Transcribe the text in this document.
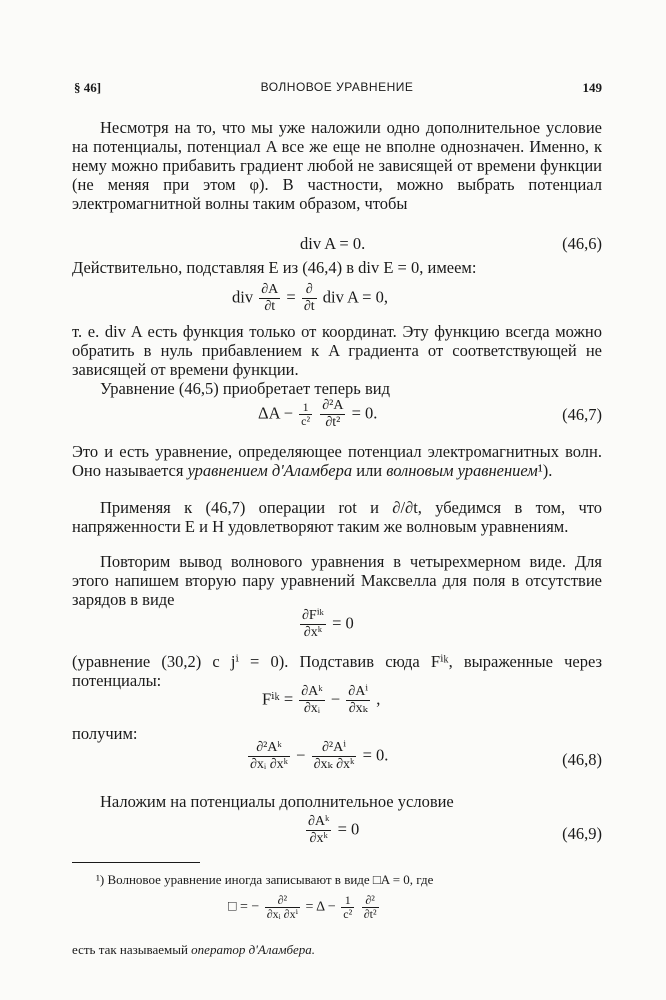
§ 46]	ВОЛНОВОЕ УРАВНЕНИЕ	149

Несмотря на то, что мы уже наложили одно дополнительное условие на потенциалы, потенциал A все же еще не вполне однозначен. Именно, к нему можно прибавить градиент любой не зависящей от времени функции (не меняя при этом φ). В частности, можно выбрать потенциал электромагнитной волны таким образом, чтобы

div A = 0.	(46,6)

Действительно, подставляя E из (46,4) в div E = 0, имеем:

div $\frac{\partial A}{\partial t} = \frac{\partial}{\partial t}$ div A = 0,

т. е. div A есть функция только от координат. Эту функцию всегда можно обратить в нуль прибавлением к A градиента от соответствующей не зависящей от времени функции.

Уравнение (46,5) приобретает теперь вид

$\Delta A - \frac{1}{\text{c²}}$
$\frac{\text{∂²A}}{\text{∂t²}} = 0$.	(46,7)

Это и есть уравнение, определяющее потенциал электромагнитных волн. Оно называется уравнением д'Аламбера или волновым уравнением¹).

Применяя к (46,7) операции rot и ∂/∂t, убедимся в том, что напряженности E и H удовлетворяют таким же волновым уравнениям.

Повторим вывод волнового уравнения в четырехмерном виде. Для этого напишем вторую пару уравнений Максвелла для поля в отсутствие зарядов в виде

$\frac{\text{∂Fⁱᵏ}}{\text{∂xᵏ}} = 0$

(уравнение (30,2) с jⁱ = 0). Подставив сюда Fⁱᵏ, выраженные через потенциалы:

Fⁱᵏ = $\frac{\text{∂Aᵏ}}{\text{∂xᵢ}} - \frac{\text{∂Aⁱ}}{\text{∂xₖ}}$ ,

получим:

$\frac{\text{∂²Aᵏ}}{\text{∂xᵢ ∂xᵏ}} - \frac{\text{∂²Aⁱ}}{\text{∂xₖ ∂xᵏ}} = 0$.	(46,8)

Наложим на потенциалы дополнительное условие

$\frac{\text{∂Aᵏ}}{\text{∂xᵏ}} = 0$	(46,9)
¹) Волновое уравнение иногда записывают в виде □A = 0, где
□ = − $\frac{\text{∂²}}{\text{∂xᵢ ∂xⁱ}} = \Delta - \frac{1}{\text{c²}}$
$\frac{\text{∂²}}{\text{∂t²}}$
есть так называемый оператор д'Аламбера.
